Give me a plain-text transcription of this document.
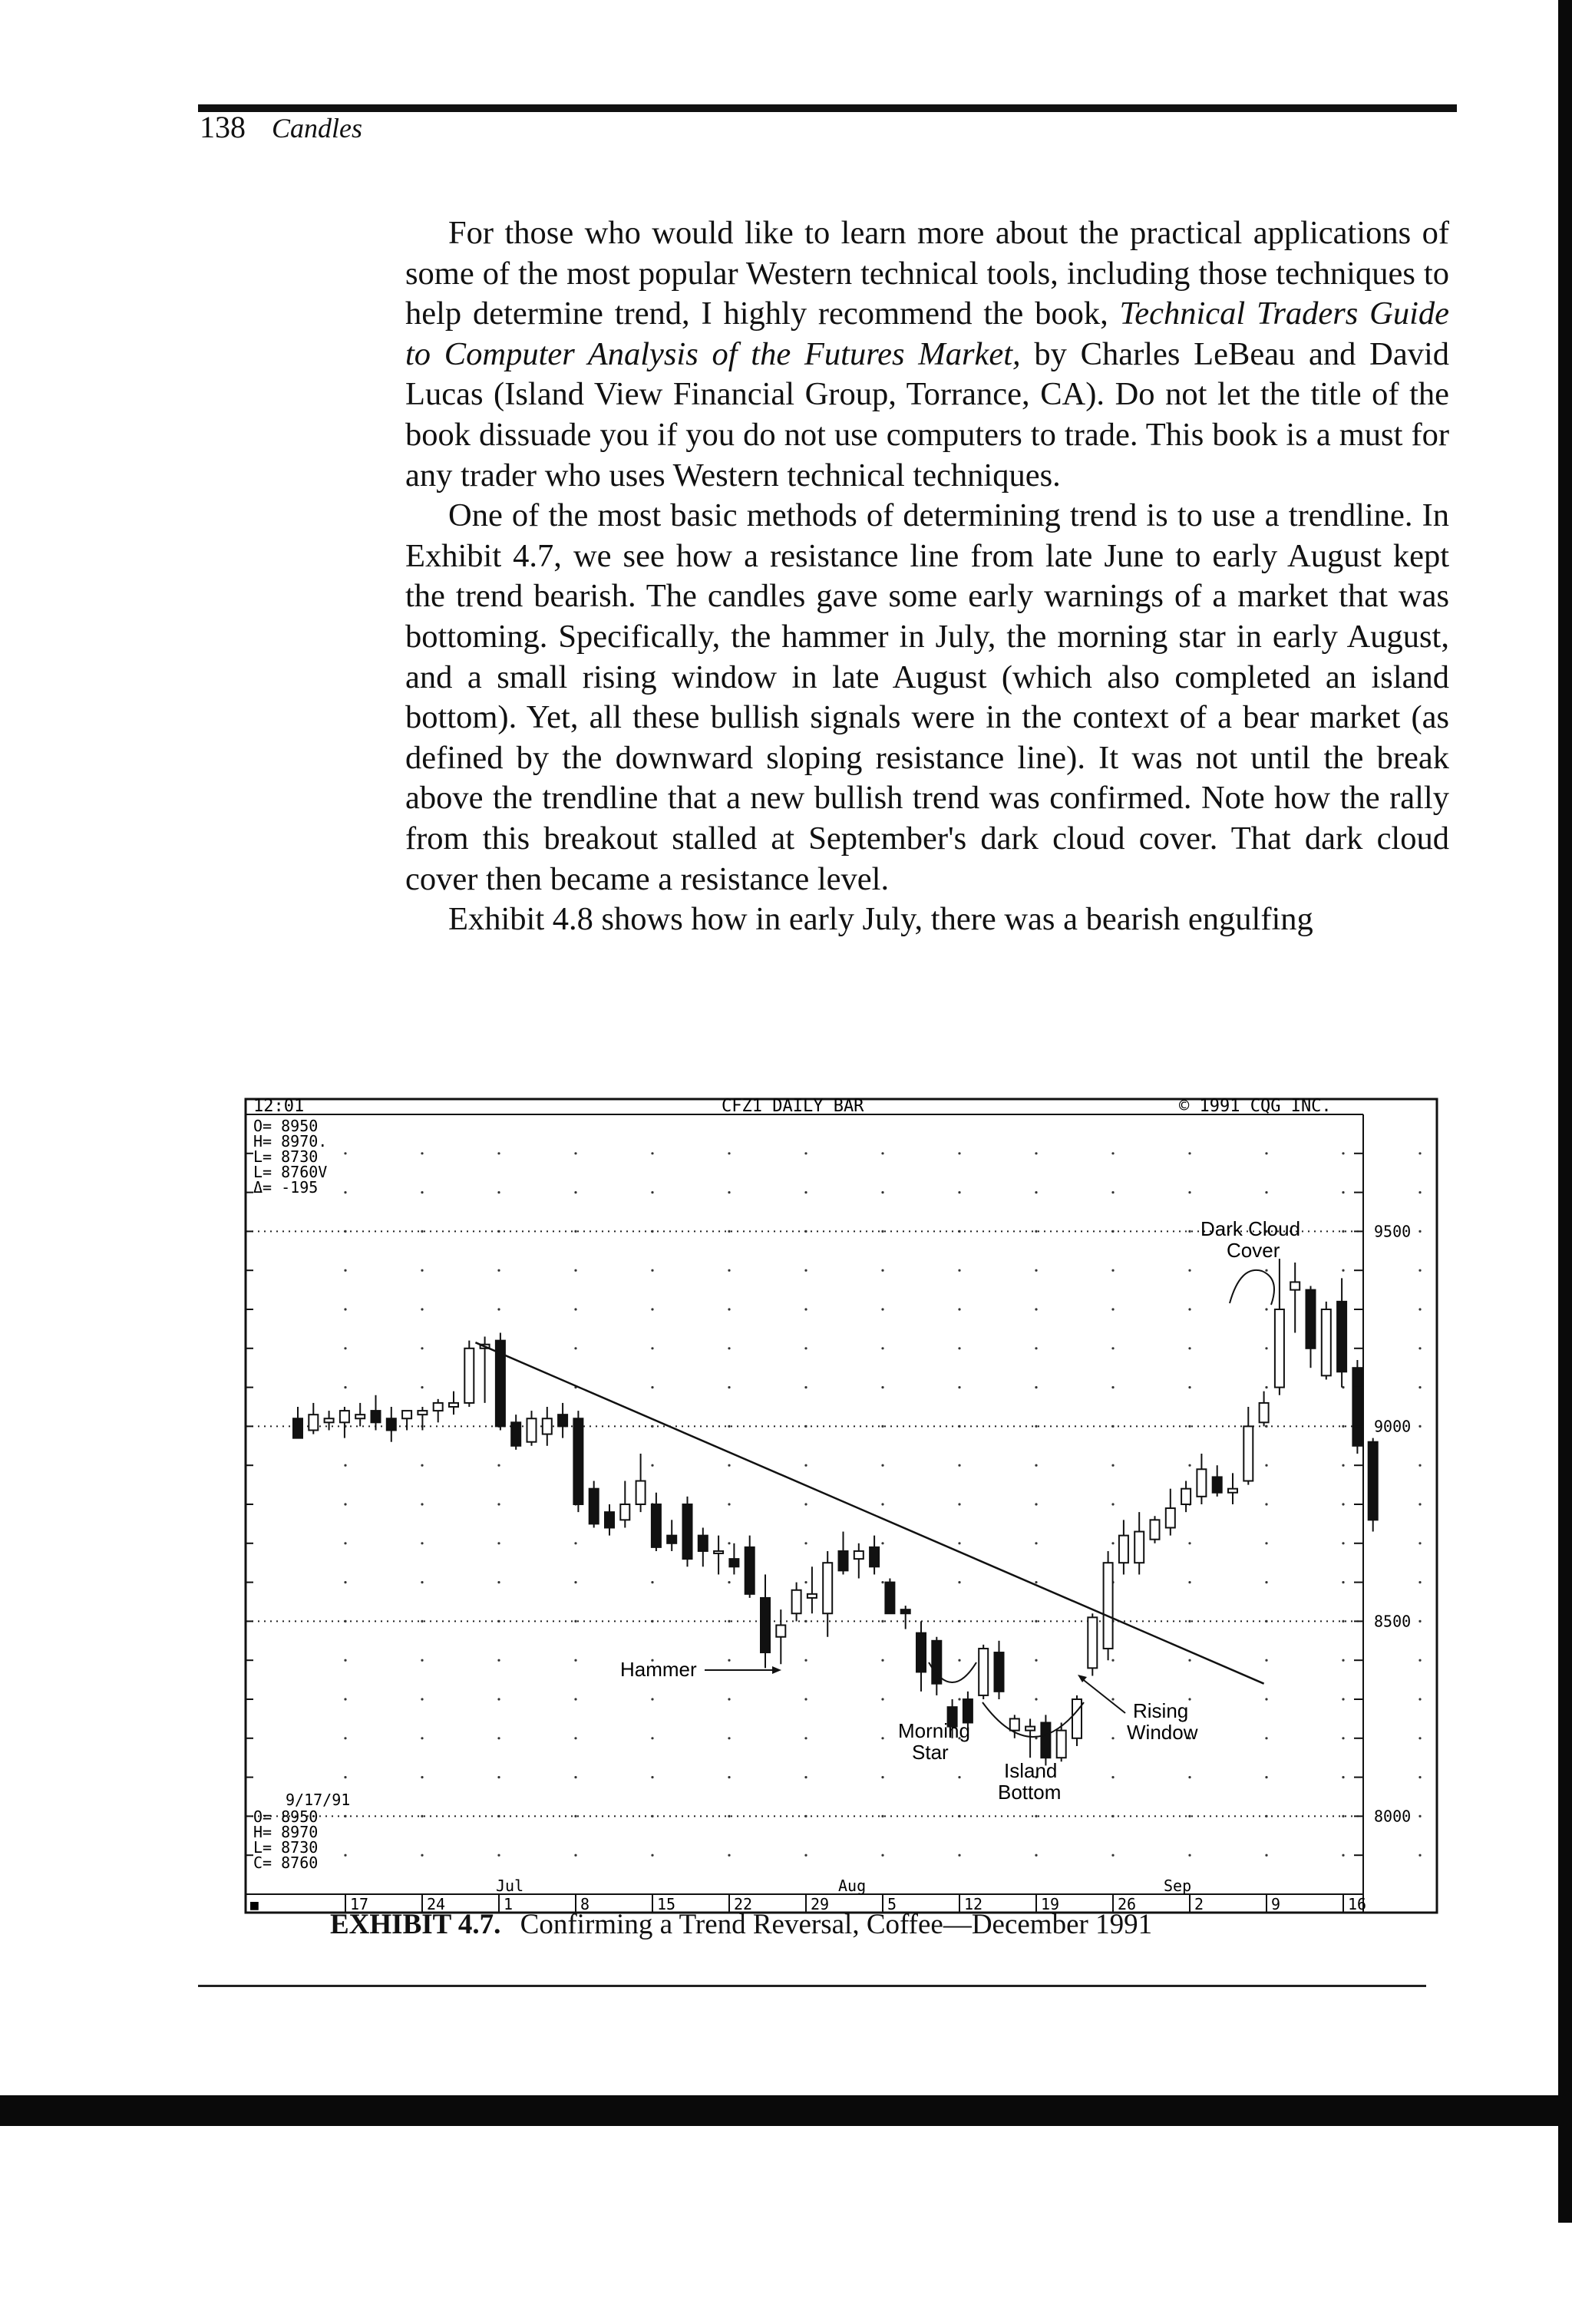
138 Candles

For those who would like to learn more about the practical applications of some of the most popular Western technical tools, including those techniques to help determine trend, I highly recommend the book, Technical Traders Guide to Computer Analysis of the Futures Market, by Charles LeBeau and David Lucas (Island View Financial Group, Torrance, CA). Do not let the title of the book dissuade you if you do not use computers to trade. This book is a must for any trader who uses Western technical techniques.

One of the most basic methods of determining trend is to use a trendline. In Exhibit 4.7, we see how a resistance line from late June to early August kept the trend bearish. The candles gave some early warnings of a market that was bottoming. Specifically, the hammer in July, the morning star in early August, and a small rising window in late August (which also completed an island bottom). Yet, all these bullish signals were in the context of a bear market (as defined by the downward sloping resistance line). It was not until the break above the trendline that a new bullish trend was confirmed. Note how the rally from this breakout stalled at September's dark cloud cover. That dark cloud cover then became a resistance level.

Exhibit 4.8 shows how in early July, there was a bearish engulfing

17	24	1	8	15	22	29	5	12	19	26	2	9	16
Jul	Aug	Sep
9500
9000
8500
8000
12:01	CFZ1 DAILY BAR	© 1991 CQG INC.
O= 8950
H= 8970.
L= 8730
L= 8760V
Δ= -195
9/17/91
O= 8950
H= 8970
L= 8730
C= 8760
■
Hammer
Morning
Star
Island
Bottom
Rising
Window
Dark Cloud
Cover
EXHIBIT 4.7. Confirming a Trend Reversal, Coffee—December 1991
